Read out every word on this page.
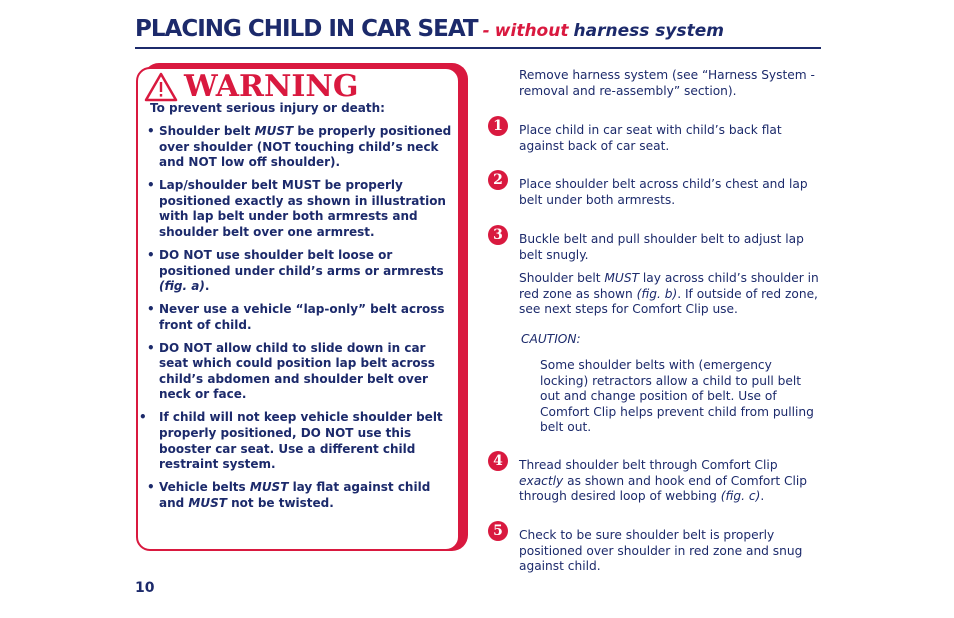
PLACING CHILD IN CAR SEAT - without harness system
WARNING
To prevent serious injury or death:
• Shoulder belt MUST be properly positioned over shoulder (NOT touching child’s neck and NOT low off shoulder).
• Lap/shoulder belt MUST be properly positioned exactly as shown in illustration with lap belt under both armrests and shoulder belt over one armrest.
• DO NOT use shoulder belt loose or positioned under child’s arms or armrests (fig. a).
• Never use a vehicle “lap-only” belt across front of child.
• DO NOT allow child to slide down in car seat which could position lap belt across child’s abdomen and shoulder belt over neck or face.
• If child will not keep vehicle shoulder belt properly positioned, DO NOT use this booster car seat. Use a different child restraint system.
• Vehicle belts MUST lay flat against child and MUST not be twisted.
Remove harness system (see “Harness System - removal and re-assembly” section).
1	Place child in car seat with child’s back flat against back of car seat.
2	Place shoulder belt across child’s chest and lap belt under both armrests.
3	Buckle belt and pull shoulder belt to adjust lap belt snugly.
Shoulder belt MUST lay across child’s shoulder in red zone as shown (fig. b). If outside of red zone, see next steps for Comfort Clip use.
CAUTION:
Some shoulder belts with (emergency locking) retractors allow a child to pull belt out and change position of belt. Use of Comfort Clip helps prevent child from pulling belt out.
4	Thread shoulder belt through Comfort Clip exactly as shown and hook end of Comfort Clip through desired loop of webbing (fig. c).
5	Check to be sure shoulder belt is properly positioned over shoulder in red zone and snug against child.
10
